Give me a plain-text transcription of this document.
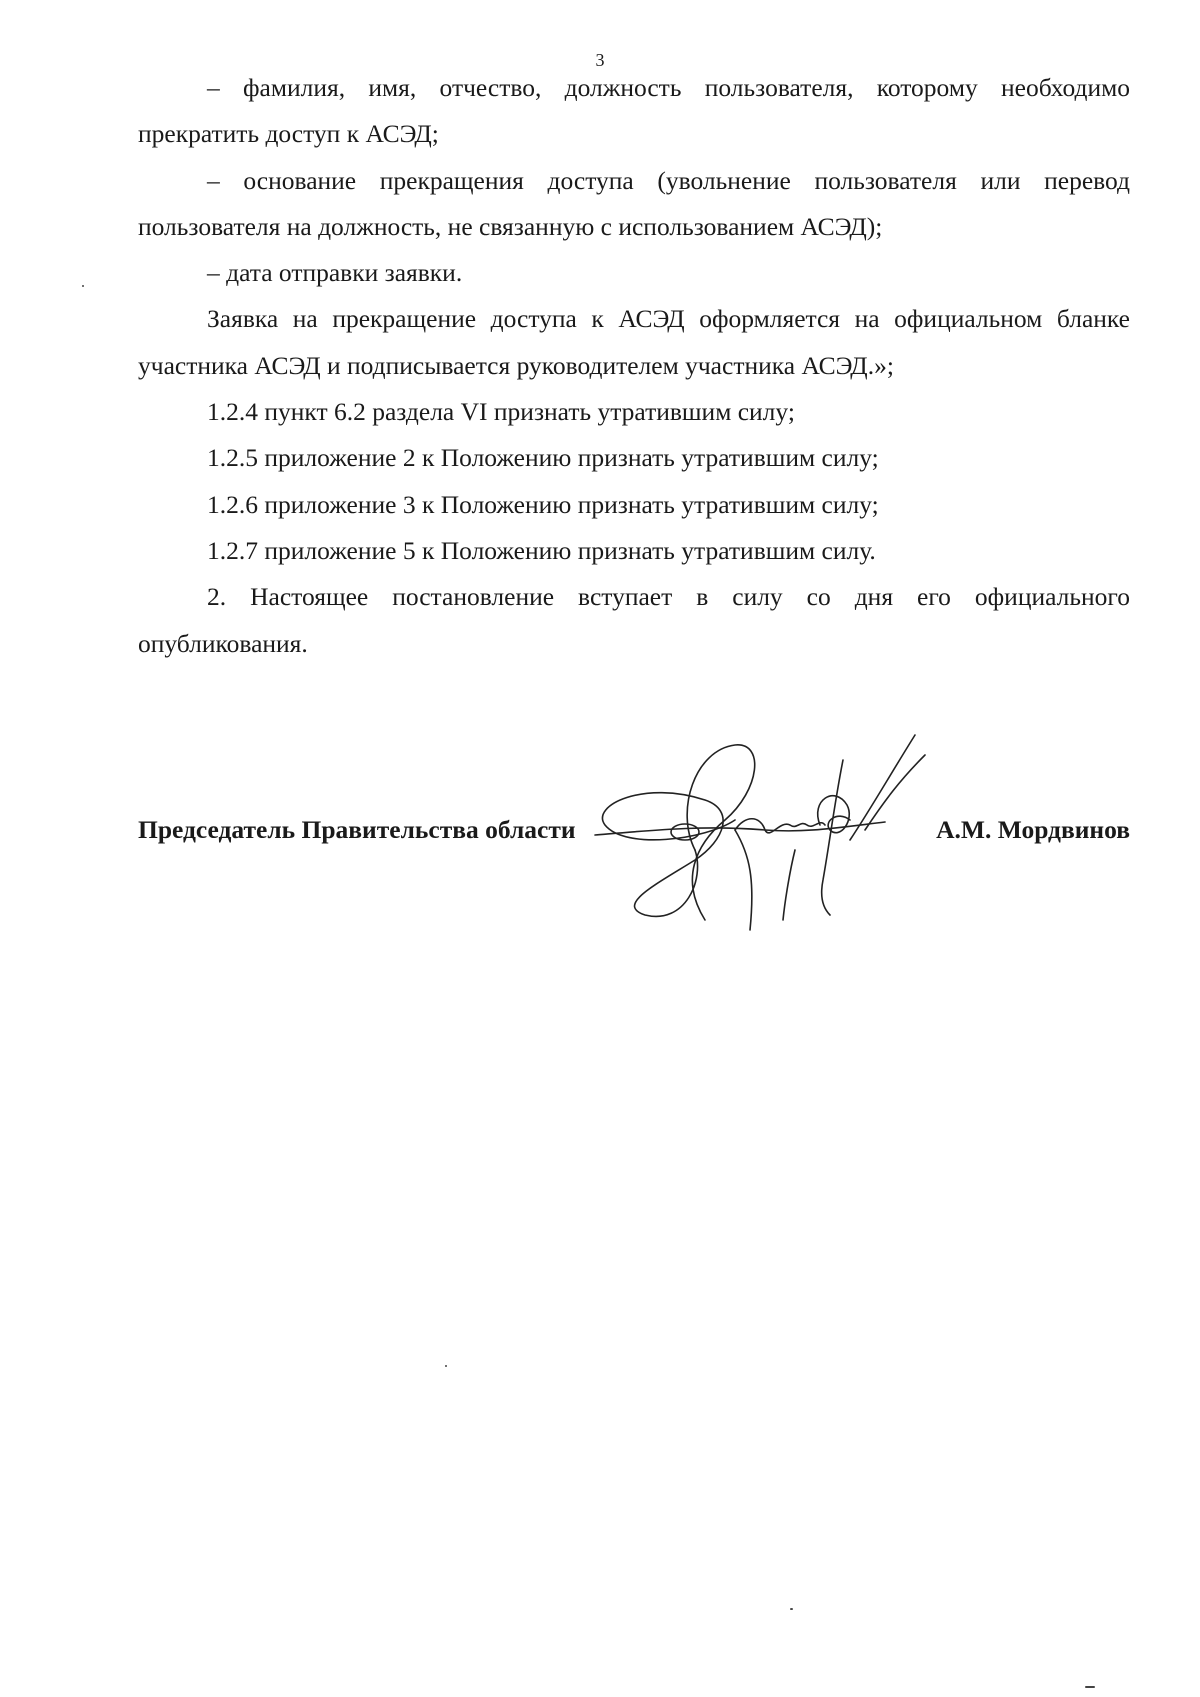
3

– фамилия, имя, отчество, должность пользователя, которому необходимо прекратить доступ к АСЭД;

– основание прекращения доступа (увольнение пользователя или перевод пользователя на должность, не связанную с использованием АСЭД);

– дата отправки заявки.

Заявка на прекращение доступа к АСЭД оформляется на официальном бланке участника АСЭД и подписывается руководителем участника АСЭД.»;

1.2.4 пункт 6.2 раздела VI признать утратившим силу;

1.2.5 приложение 2 к Положению признать утратившим силу;

1.2.6 приложение 3 к Положению признать утратившим силу;

1.2.7 приложение 5 к Положению признать утратившим силу.

2. Настоящее постановление вступает в силу со дня его официального опубликования.

Председатель Правительства области	А.М. Мордвинов
